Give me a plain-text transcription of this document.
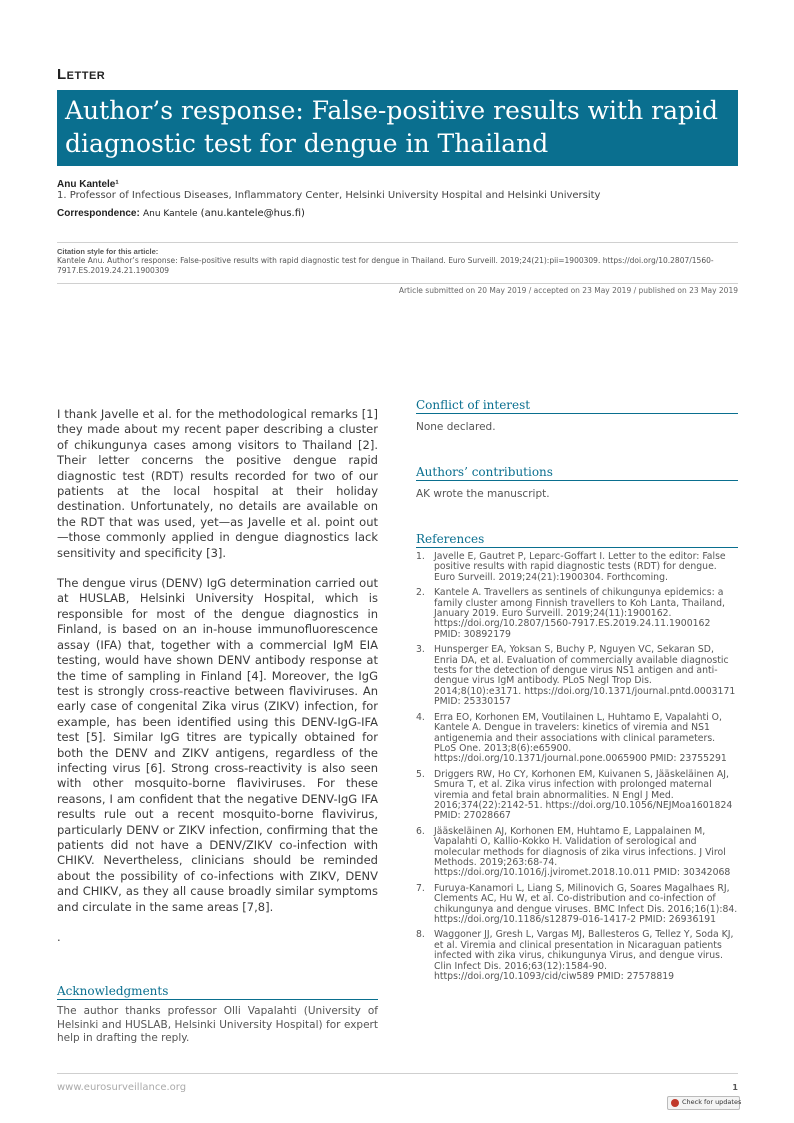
Letter
Author’s response: False-positive results with rapid diagnostic test for dengue in Thailand
Anu Kantele¹
1. Professor of Infectious Diseases, Inflammatory Center, Helsinki University Hospital and Helsinki University
Correspondence: Anu Kantele (anu.kantele@hus.fi)
Citation style for this article:
Kantele Anu. Author’s response: False-positive results with rapid diagnostic test for dengue in Thailand. Euro Surveill. 2019;24(21):pii=1900309. https://doi.org/10.2807/1560-7917.ES.2019.24.21.1900309
Article submitted on 20 May 2019 / accepted on 23 May 2019 / published on 23 May 2019

I thank Javelle et al. for the methodological remarks [1] they made about my recent paper describing a cluster of chikungunya cases among visitors to Thailand [2]. Their letter concerns the positive dengue rapid diagnostic test (RDT) results recorded for two of our patients at the local hospital at their holiday destination. Unfortunately, no details are available on the RDT that was used, yet—as Javelle et al. point out—those commonly applied in dengue diagnostics lack sensitivity and specificity [3].

The dengue virus (DENV) IgG determination carried out at HUSLAB, Helsinki University Hospital, which is responsible for most of the dengue diagnostics in Finland, is based on an in-house immunofluorescence assay (IFA) that, together with a commercial IgM EIA testing, would have shown DENV antibody response at the time of sampling in Finland [4]. Moreover, the IgG test is strongly cross-reactive between flaviviruses. An early case of congenital Zika virus (ZIKV) infection, for example, has been identified using this DENV-IgG-IFA test [5]. Similar IgG titres are typically obtained for both the DENV and ZIKV antigens, regardless of the infecting virus [6]. Strong cross-reactivity is also seen with other mosquito-borne flaviviruses. For these reasons, I am confident that the negative DENV-IgG IFA results rule out a recent mosquito-borne flavivirus, particularly DENV or ZIKV infection, confirming that the patients did not have a DENV/ZIKV co-infection with CHIKV. Nevertheless, clinicians should be reminded about the possibility of co-infections with ZIKV, DENV and CHIKV, as they all cause broadly similar symptoms and circulate in the same areas [7,8].

.

Acknowledgments
The author thanks professor Olli Vapalahti (University of Helsinki and HUSLAB, Helsinki University Hospital) for expert help in drafting the reply.
Conflict of interest
None declared.
Authors’ contributions
AK wrote the manuscript.
References
1. Javelle E, Gautret P, Leparc-Goffart I. Letter to the editor: False positive results with rapid diagnostic tests (RDT) for dengue. Euro Surveill. 2019;24(21):1900304. Forthcoming.
2. Kantele A. Travellers as sentinels of chikungunya epidemics: a family cluster among Finnish travellers to Koh Lanta, Thailand, January 2019. Euro Surveill. 2019;24(11):1900162. https://doi.org/10.2807/1560-7917.ES.2019.24.11.1900162 PMID: 30892179
3. Hunsperger EA, Yoksan S, Buchy P, Nguyen VC, Sekaran SD, Enria DA, et al. Evaluation of commercially available diagnostic tests for the detection of dengue virus NS1 antigen and anti-dengue virus IgM antibody. PLoS Negl Trop Dis. 2014;8(10):e3171. https://doi.org/10.1371/journal.pntd.0003171 PMID: 25330157
4. Erra EO, Korhonen EM, Voutilainen L, Huhtamo E, Vapalahti O, Kantele A. Dengue in travelers: kinetics of viremia and NS1 antigenemia and their associations with clinical parameters. PLoS One. 2013;8(6):e65900. https://doi.org/10.1371/journal.pone.0065900 PMID: 23755291
5. Driggers RW, Ho CY, Korhonen EM, Kuivanen S, Jääskeläinen AJ, Smura T, et al. Zika virus infection with prolonged maternal viremia and fetal brain abnormalities. N Engl J Med. 2016;374(22):2142-51. https://doi.org/10.1056/NEJMoa1601824 PMID: 27028667
6. Jääskeläinen AJ, Korhonen EM, Huhtamo E, Lappalainen M, Vapalahti O, Kallio-Kokko H. Validation of serological and molecular methods for diagnosis of zika virus infections. J Virol Methods. 2019;263:68-74. https://doi.org/10.1016/j.jviromet.2018.10.011 PMID: 30342068
7. Furuya-Kanamori L, Liang S, Milinovich G, Soares Magalhaes RJ, Clements AC, Hu W, et al. Co-distribution and co-infection of chikungunya and dengue viruses. BMC Infect Dis. 2016;16(1):84. https://doi.org/10.1186/s12879-016-1417-2 PMID: 26936191
8. Waggoner JJ, Gresh L, Vargas MJ, Ballesteros G, Tellez Y, Soda KJ, et al. Viremia and clinical presentation in Nicaraguan patients infected with zika virus, chikungunya Virus, and dengue virus. Clin Infect Dis. 2016;63(12):1584-90. https://doi.org/10.1093/cid/ciw589 PMID: 27578819
www.eurosurveillance.org	1
Check for updates
